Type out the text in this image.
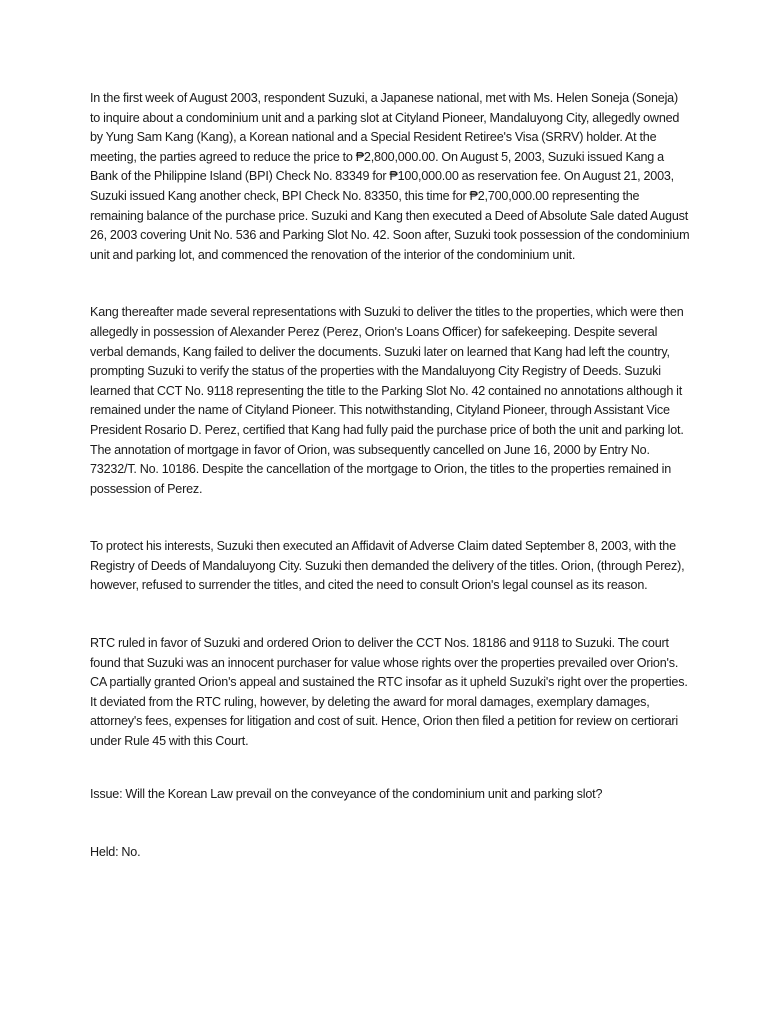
In the first week of August 2003, respondent Suzuki, a Japanese national, met with Ms. Helen Soneja (Soneja) to inquire about a condominium unit and a parking slot at Cityland Pioneer, Mandaluyong City, allegedly owned by Yung Sam Kang (Kang), a Korean national and a Special Resident Retiree's Visa (SRRV) holder. At the meeting, the parties agreed to reduce the price to ₱2,800,000.00. On August 5, 2003, Suzuki issued Kang a Bank of the Philippine Island (BPI) Check No. 83349 for ₱100,000.00 as reservation fee. On August 21, 2003, Suzuki issued Kang another check, BPI Check No. 83350, this time for ₱2,700,000.00 representing the remaining balance of the purchase price. Suzuki and Kang then executed a Deed of Absolute Sale dated August 26, 2003 covering Unit No. 536 and Parking Slot No. 42. Soon after, Suzuki took possession of the condominium unit and parking lot, and commenced the renovation of the interior of the condominium unit.

Kang thereafter made several representations with Suzuki to deliver the titles to the properties, which were then allegedly in possession of Alexander Perez (Perez, Orion's Loans Officer) for safekeeping. Despite several verbal demands, Kang failed to deliver the documents. Suzuki later on learned that Kang had left the country, prompting Suzuki to verify the status of the properties with the Mandaluyong City Registry of Deeds. Suzuki learned that CCT No. 9118 representing the title to the Parking Slot No. 42 contained no annotations although it remained under the name of Cityland Pioneer. This notwithstanding, Cityland Pioneer, through Assistant Vice President Rosario D. Perez, certified that Kang had fully paid the purchase price of both the unit and parking lot. The annotation of mortgage in favor of Orion, was subsequently cancelled on June 16, 2000 by Entry No. 73232/T. No. 10186. Despite the cancellation of the mortgage to Orion, the titles to the properties remained in possession of Perez.

To protect his interests, Suzuki then executed an Affidavit of Adverse Claim dated September 8, 2003, with the Registry of Deeds of Mandaluyong City. Suzuki then demanded the delivery of the titles. Orion, (through Perez), however, refused to surrender the titles, and cited the need to consult Orion's legal counsel as its reason.

RTC ruled in favor of Suzuki and ordered Orion to deliver the CCT Nos. 18186 and 9118 to Suzuki. The court found that Suzuki was an innocent purchaser for value whose rights over the properties prevailed over Orion's. CA partially granted Orion's appeal and sustained the RTC insofar as it upheld Suzuki's right over the properties. It deviated from the RTC ruling, however, by deleting the award for moral damages, exemplary damages, attorney's fees, expenses for litigation and cost of suit. Hence, Orion then filed a petition for review on certiorari under Rule 45 with this Court.

Issue: Will the Korean Law prevail on the conveyance of the condominium unit and parking slot?

Held: No.
